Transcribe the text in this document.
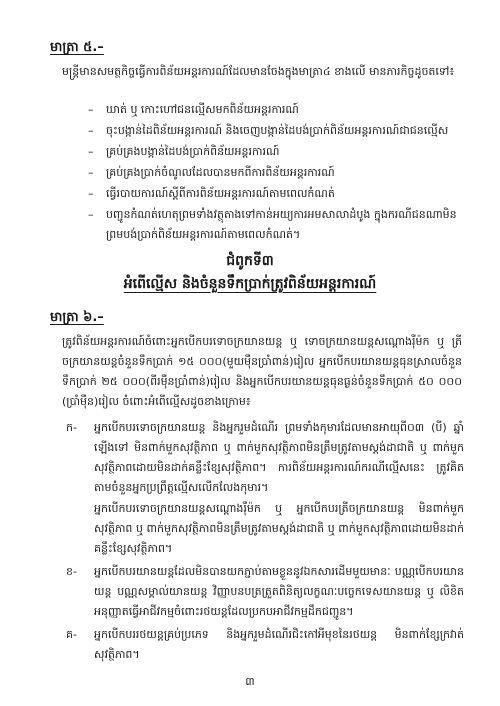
មាត្រា ៥.–

មន្ត្រីមានសមត្ថកិច្ចធ្វើការពិន័យអន្តរការណ៍ដែលមានចែងក្នុងមាត្រា៤ ខាងលើ មានភារកិច្ចដូចតទៅ៖

– ឃាត់ ឬ កោះហៅជនល្មើសមកពិន័យអន្តរការណ៍
– ចុះបង្កាន់ដៃពិន័យអន្តរការណ៍ និងចេញបង្កាន់ដៃបង់ប្រាក់ពិន័យអន្តរការណ៍ជាជនល្មើស
– គ្រប់គ្រងបង្កាន់ដៃបង់ប្រាក់ពិន័យអន្តរការណ៍
– គ្រប់គ្រងប្រាក់ចំណូលដែលបានមកពីការពិន័យអន្តរការណ៍
– ធ្វើរបាយការណ៍ស្តីពីការពិន័យអន្តរការណ៍តាមពេលកំណត់
– បញ្ជូនកំណត់ហេតុព្រមទាំងវត្ថុតាងទៅកាន់អយ្យការអមសាលាដំបូង ក្នុងករណីជនណាមិនព្រមបង់ប្រាក់ពិន័យអន្តរការណ៍តាមពេលកំណត់។
ជំពូកទី៣
អំពើល្មើស និងចំនួនទឹកប្រាក់ត្រូវពិន័យអន្តរការណ៍
មាត្រា ៦.–

ត្រូវពិន័យអន្តរការណ៍ចំពោះអ្នកបើកបរទោចក្រយានយន្ត ឬ ទោចក្រយានយន្តសណ្តោងរ៉ឺម៉ក ឬ ត្រីចក្រយានយន្តចំនួនទឹកប្រាក់ ១៥ ០០០(មួយម៉ឺនប្រាំពាន់)រៀល អ្នកបើកបរយានយន្តធុនស្រាលចំនួនទឹកប្រាក់ ២៥ ០០០(ពីរម៉ឺនប្រាំពាន់)រៀល និងអ្នកបើកបរយានយន្តធុនធ្ងន់ចំនួនទឹកប្រាក់ ៥០ ០០០ (ប្រាំម៉ឺន)រៀល ចំពោះអំពើល្មើសដូចខាងក្រោម៖

ក-	អ្នកបើកបរទោចក្រយានយន្ត និងអ្នករួមដំណើរ ព្រមទាំងកុមារដែលមានអាយុពី០៣ (បី) ឆ្នាំឡើងទៅ មិនពាក់មួកសុវត្ថិភាព ឬ ពាក់មួកសុវត្ថិភាពមិនត្រឹមត្រូវតាមស្តង់ដាជាតិ ឬ ពាក់មួកសុវត្ថិភាពដោយមិនដាក់គន្លឹះខ្សែសុវត្ថិភាព។ ការពិន័យអន្តរការណ៍ករណីល្មើសនេះ ត្រូវគិតតាមចំនួនអ្នកប្រព្រឹត្តល្មើសលើកលែងកុមារ។

អ្នកបើកបរទោចក្រយានយន្តសណ្តោងរ៉ឺម៉ក ឬ អ្នកបើកបរត្រីចក្រយានយន្ត មិនពាក់មួកសុវត្ថិភាព ឬ ពាក់មួកសុវត្ថិភាពមិនត្រឹមត្រូវតាមស្តង់ដាជាតិ ឬ ពាក់មួកសុវត្ថិភាពដោយមិនដាក់គន្លឹះខ្សែសុវត្ថិភាព។

ខ-	អ្នកបើកបរយានយន្តដែលមិនបានយកភ្ជាប់តាមខ្លួននូវឯកសារដើមមួយមានៈ បណ្ណបើកបរយានយន្ត បណ្ណសម្គាល់យានយន្ត វិញ្ញាបនបត្រត្រួតពិនិត្យលក្ខណៈបច្ចេកទេសយានយន្ត ឬ លិខិតអនុញ្ញាតធ្វើអាជីវកម្មចំពោះរថយន្តដែលប្រកបអាជីវកម្មដឹកជញ្ជូន។

គ-	អ្នកបើកបររថយន្តគ្រប់ប្រភេទ និងអ្នករួមដំណើរជិះកៅអីមុខនៃរថយន្ត មិនពាក់ខ្សែក្រវាត់សុវត្ថិភាព។

៣
